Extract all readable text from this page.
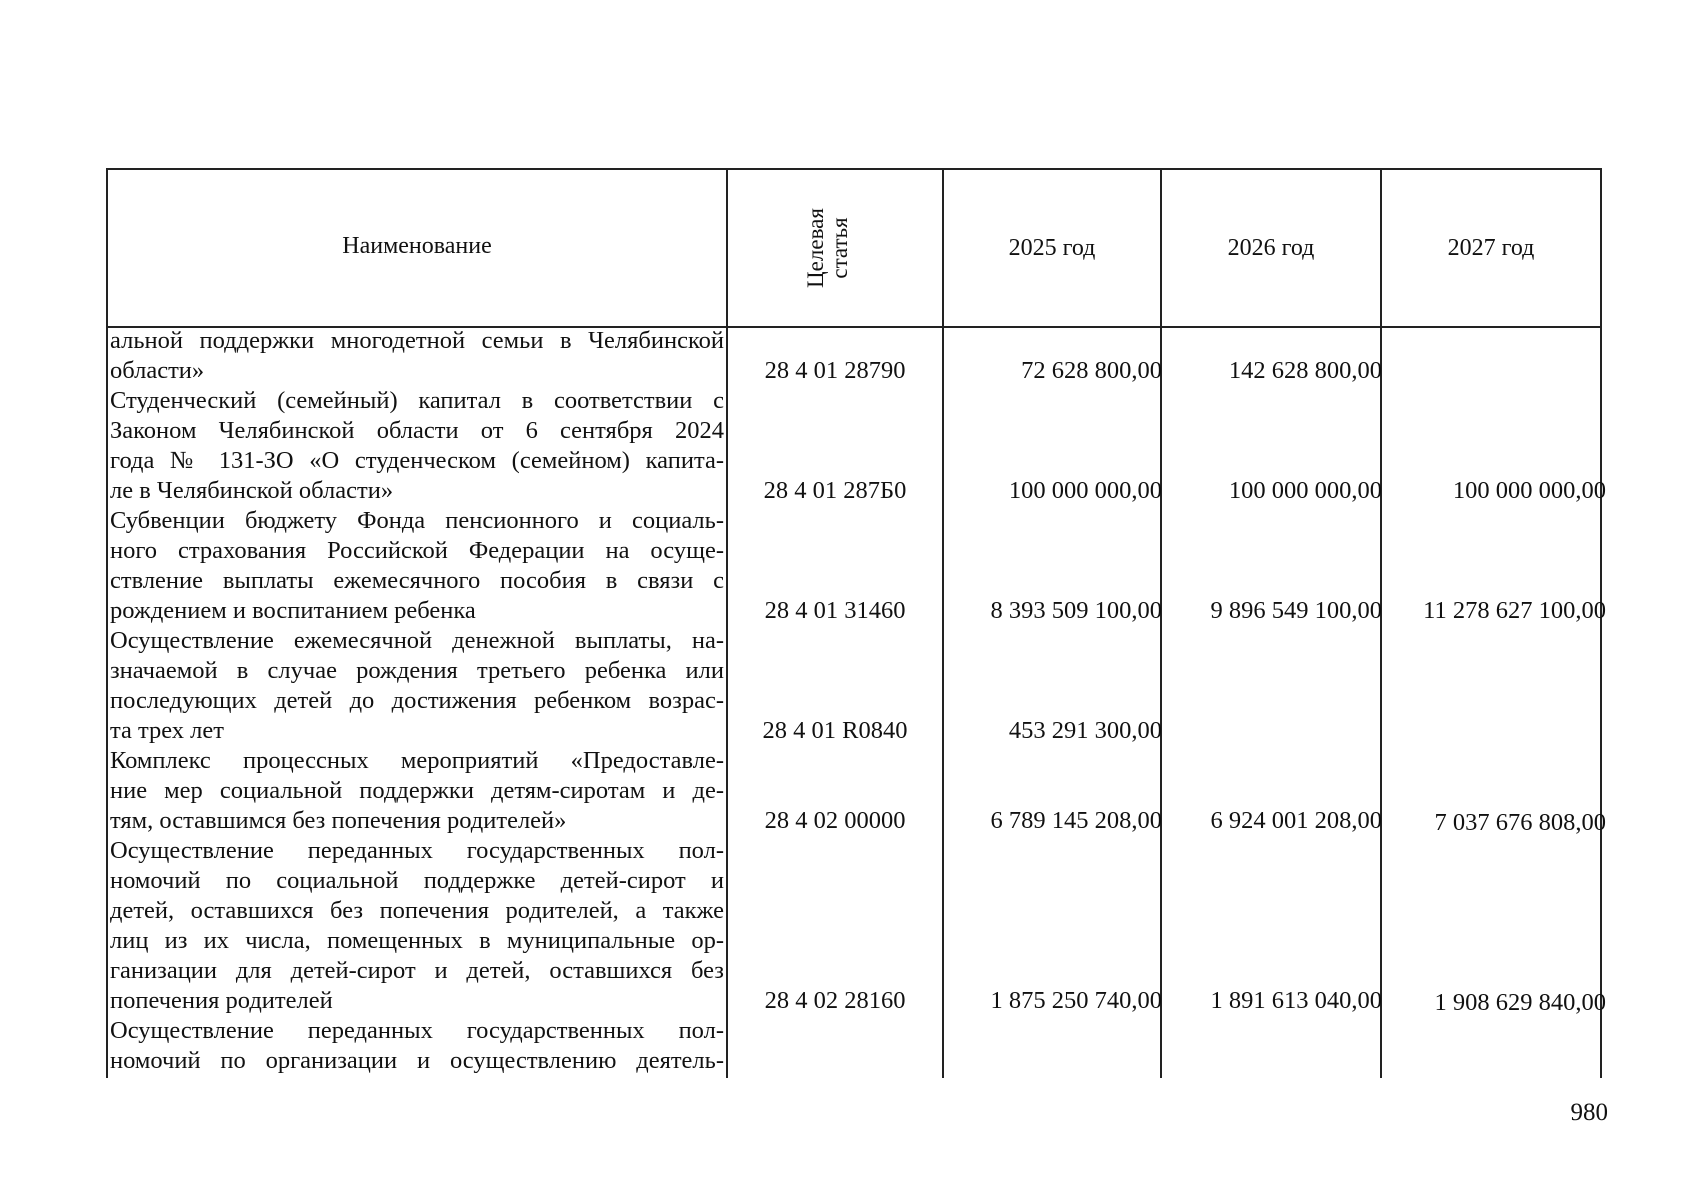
Наименование	Целевая статья	2025 год	2026 год	2027 год
альной поддержки многодетной семьи в Челябинской
области»	28 4 01 28790	72 628 800,00	142 628 800,00
Студенческий (семейный) капитал в соответствии с
Законом Челябинской области от 6 сентября 2024
года № 131-ЗО «О студенческом (семейном) капита-
ле в Челябинской области»	28 4 01 287Б0	100 000 000,00	100 000 000,00	100 000 000,00
Субвенции бюджету Фонда пенсионного и социаль-
ного страхования Российской Федерации на осуще-
ствление выплаты ежемесячного пособия в связи с
рождением и воспитанием ребенка	28 4 01 31460	8 393 509 100,00	9 896 549 100,00	11 278 627 100,00
Осуществление ежемесячной денежной выплаты, на-
значаемой в случае рождения третьего ребенка или
последующих детей до достижения ребенком возрас-
та трех лет	28 4 01 R0840	453 291 300,00
Комплекс процессных мероприятий «Предоставле-
ние мер социальной поддержки детям-сиротам и де-
тям, оставшимся без попечения родителей»	28 4 02 00000	6 789 145 208,00	6 924 001 208,00	7 037 676 808,00
Осуществление переданных государственных пол-
номочий по социальной поддержке детей-сирот и
детей, оставшихся без попечения родителей, а также
лиц из их числа, помещенных в муниципальные ор-
ганизации для детей-сирот и детей, оставшихся без
попечения родителей	28 4 02 28160	1 875 250 740,00	1 891 613 040,00	1 908 629 840,00
Осуществление переданных государственных пол-
номочий по организации и осуществлению деятель-
980
